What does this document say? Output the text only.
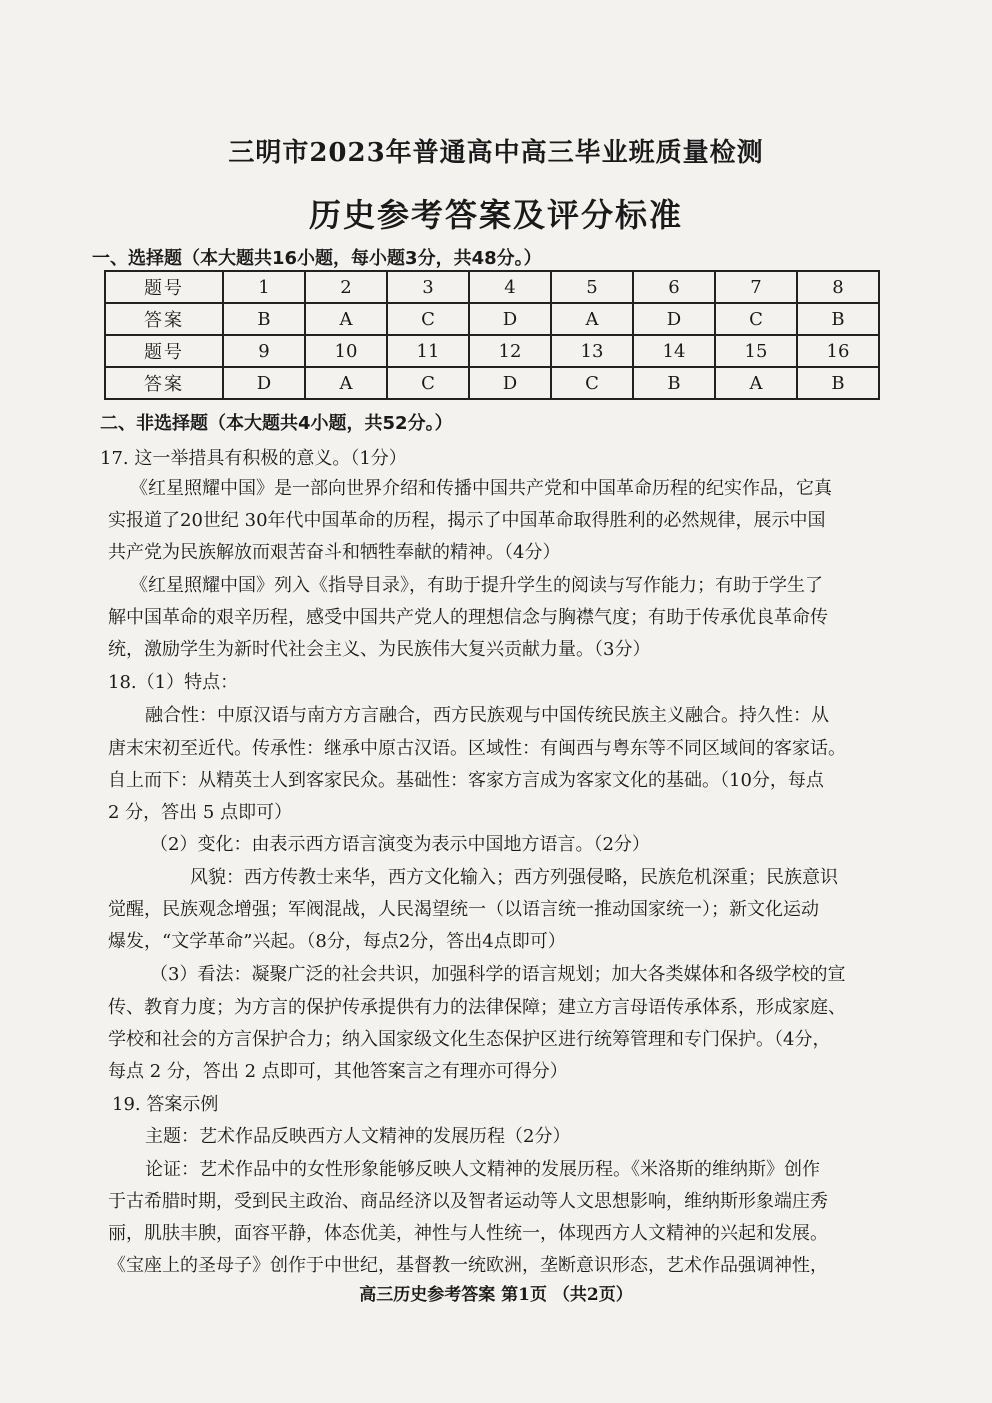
三明市2023年普通高中高三毕业班质量检测
历史参考答案及评分标准
一、选择题（本大题共16小题，每小题3分，共48分。）
题号	1	2	3	4	5	6	7	8
答案	B	A	C	D	A	D	C	B
题号	9	10	11	12	13	14	15	16
答案	D	A	C	D	C	B	A	B
二、非选择题（本大题共4小题，共52分。）
17. 这一举措具有积极的意义。（1分）
《红星照耀中国》是一部向世界介绍和传播中国共产党和中国革命历程的纪实作品，它真
实报道了20世纪 30年代中国革命的历程，揭示了中国革命取得胜利的必然规律，展示中国
共产党为民族解放而艰苦奋斗和牺牲奉献的精神。（4分）
《红星照耀中国》列入《指导目录》，有助于提升学生的阅读与写作能力；有助于学生了
解中国革命的艰辛历程，感受中国共产党人的理想信念与胸襟气度；有助于传承优良革命传
统，激励学生为新时代社会主义、为民族伟大复兴贡献力量。（3分）
18.（1）特点：
融合性：中原汉语与南方方言融合，西方民族观与中国传统民族主义融合。持久性：从
唐末宋初至近代。传承性：继承中原古汉语。区域性：有闽西与粤东等不同区域间的客家话。
自上而下：从精英士人到客家民众。基础性：客家方言成为客家文化的基础。（10分，每点
2 分，答出 5 点即可）
（2）变化：由表示西方语言演变为表示中国地方语言。（2分）
风貌：西方传教士来华，西方文化输入；西方列强侵略，民族危机深重；民族意识
觉醒，民族观念增强；军阀混战，人民渴望统一（以语言统一推动国家统一）；新文化运动
爆发，“文学革命”兴起。（8分，每点2分，答出4点即可）
（3）看法：凝聚广泛的社会共识，加强科学的语言规划；加大各类媒体和各级学校的宣
传、教育力度；为方言的保护传承提供有力的法律保障；建立方言母语传承体系，形成家庭、
学校和社会的方言保护合力；纳入国家级文化生态保护区进行统筹管理和专门保护。（4分，
每点 2 分，答出 2 点即可，其他答案言之有理亦可得分）
19. 答案示例
主题：艺术作品反映西方人文精神的发展历程（2分）
论证：艺术作品中的女性形象能够反映人文精神的发展历程。《米洛斯的维纳斯》创作
于古希腊时期，受到民主政治、商品经济以及智者运动等人文思想影响，维纳斯形象端庄秀
丽，肌肤丰腴，面容平静，体态优美，神性与人性统一，体现西方人文精神的兴起和发展。
《宝座上的圣母子》创作于中世纪，基督教一统欧洲，垄断意识形态，艺术作品强调神性，
高三历史参考答案 第1页 （共2页）
